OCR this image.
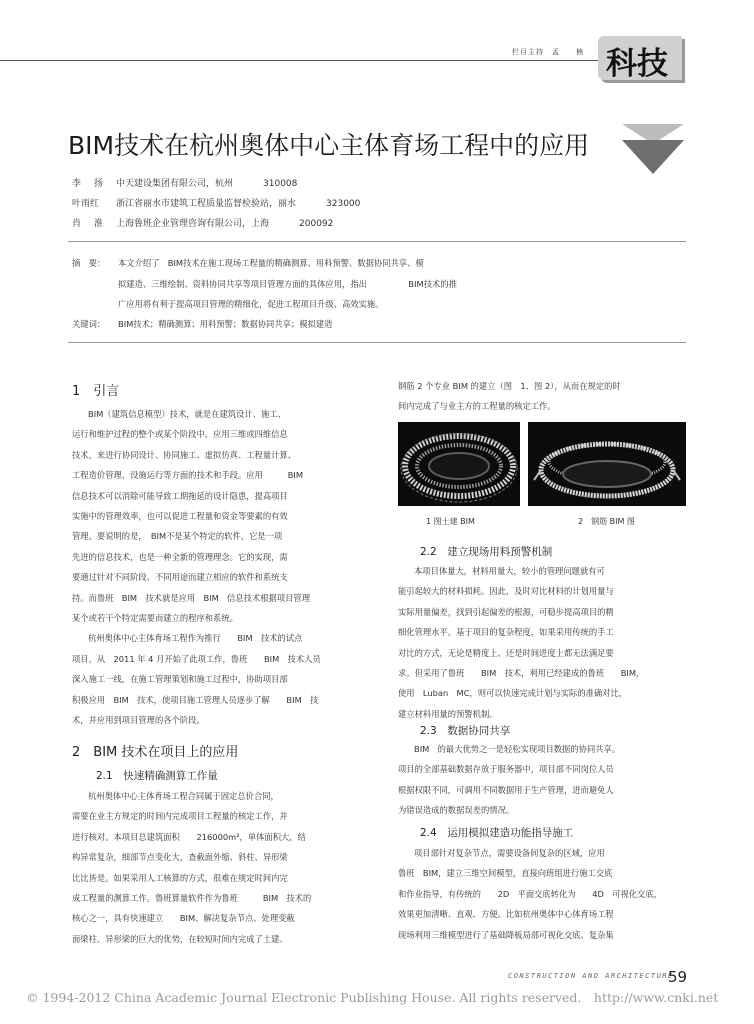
栏目主持　孟　　楠 科技
BIM技术在杭州奥体中心主体育场工程中的应用
李　扬 中天建设集团有限公司，杭州	310008
叶雨红 浙江省丽水市建筑工程质量监督检验站，丽水	323000
肖　淮 上海鲁班企业管理咨询有限公司，上海	200092
摘　要： 本文介绍了　BIM技术在施工现场工程量的精确测算、用料预警、数据协同共享、模
拟建造、三维绘制、资料协同共享等项目管理方面的具体应用，指出　　　　　BIM技术的推
广应用将有利于提高项目管理的精细化，促进工程项目升级、高效实施。
关键词： BIM技术；精确测算；用料预警；数据协同共享；模拟建造
1　引言

BIM（建筑信息模型）技术，就是在建筑设计、施工、

运行和维护过程的整个或某个阶段中，应用三维或四维信息

技术，来进行协同设计、协同施工、虚拟仿真、工程量计算、

工程造价管理、设施运行等方面的技术和手段。应用　　　BIM

信息技术可以消除可能导致工期拖延的设计隐患，提高项目

实施中的管理效率，也可以促进工程量和资金等要素的有效

管理。要说明的是，　BIM不是某个特定的软件，它是一项

先进的信息技术，也是一种全新的管理理念。它的实现，需

要通过针对不同阶段、不同用途而建立相应的软件和系统支

持。而鲁班　BIM　技术就是应用　BIM　信息技术根据项目管理

某个或若干个特定需要而建立的程序和系统。

杭州奥体中心主体育场工程作为推行　　BIM　技术的试点

项目，从　2011 年 4 月开始了此项工作，鲁班　　BIM　技术人员

深入施工一线，在施工管理策划和施工过程中，协助项目部

积极应用　BIM　技术，使项目施工管理人员逐步了解　　BIM　技

术，并应用到项目管理的各个阶段。

2　BIM 技术在项目上的应用
2.1　快速精确测算工作量

杭州奥体中心主体育场工程合同属于固定总价合同，

需要在业主方规定的时间内完成项目工程量的核定工作，并

进行核对。本项目总建筑面积　　216000m²，单体面积大，结

构异常复杂，细部节点变化大，查截面外缩、斜柱、异形梁

比比皆是。如果采用人工核算的方式，很难在规定时间内完

成工程量的测算工作。鲁班算量软件作为鲁班　　　BIM　技术的

核心之一，具有快速建立　　BIM、解决复杂节点、处理变截

面梁柱、异形梁的巨大的优势，在较短时间内完成了土建、

钢筋 2 个专业 BIM 的建立（图　1、图 2），从而在规定的时

间内完成了与业主方的工程量的核定工作。

1 图土建 BIM	2　钢筋 BIM 图
2.2　建立现场用料预警机制

本项目体量大，材料用量大，较小的管理问题就有可

能引起较大的材料损耗。因此，及时对比材料的计划用量与

实际用量偏差，找到引起偏差的根源，可稳步提高项目的精

细化管理水平。基于项目的复杂程度，如果采用传统的手工

对比的方式，无论是精度上、还是时间进度上都无法满足要

求。但采用了鲁班　　BIM　技术，利用已经建成的鲁班　　BIM，

使用　Luban　MC，则可以快速完成计划与实际的准确对比，

建立材料用量的预警机制。

2.3　数据协同共享

BIM　的最大优势之一是轻松实现项目数据的协同共享。

项目的全部基础数据存放于服务器中，项目部不同岗位人员

根据权限不同，可调用不同数据用于生产管理，进而避免人

为错误造成的数据误差的情况。

2.4　运用模拟建造功能指导施工

项目部针对复杂节点，需要设备间复杂的区域，应用

鲁班　BIM，建立三维空间模型，直接向班组进行施工交底

和作业指导，有传统的　　2D　平面交底转化为　　4D　可视化交底，

效果更加清晰、直观、方便。比如杭州奥体中心体育场工程

现场利用三维模型进行了基础降板局部可视化交底、复杂集

CONSTRUCTION AND ARCHITECTURE
59
© 1994-2012 China Academic Journal Electronic Publishing House. All rights reserved.　http://www.cnki.net
